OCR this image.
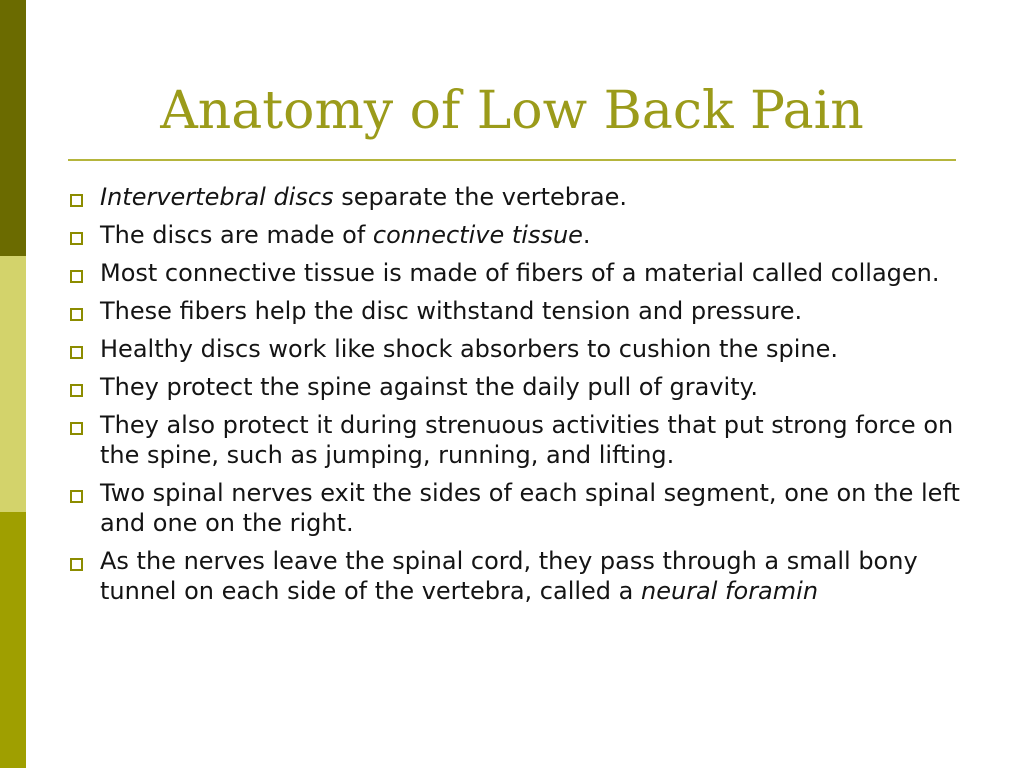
Anatomy of Low Back Pain
Intervertebral discs separate the vertebrae.
The discs are made of connective tissue.
Most connective tissue is made of fibers of a material called collagen.
These fibers help the disc withstand tension and pressure.
Healthy discs work like shock absorbers to cushion the spine.
They protect the spine against the daily pull of gravity.
They also protect it during strenuous activities that put strong force on the spine, such as jumping, running, and lifting.
Two spinal nerves exit the sides of each spinal segment, one on the left and one on the right.
As the nerves leave the spinal cord, they pass through a small bony tunnel on each side of the vertebra, called a neural foramin
